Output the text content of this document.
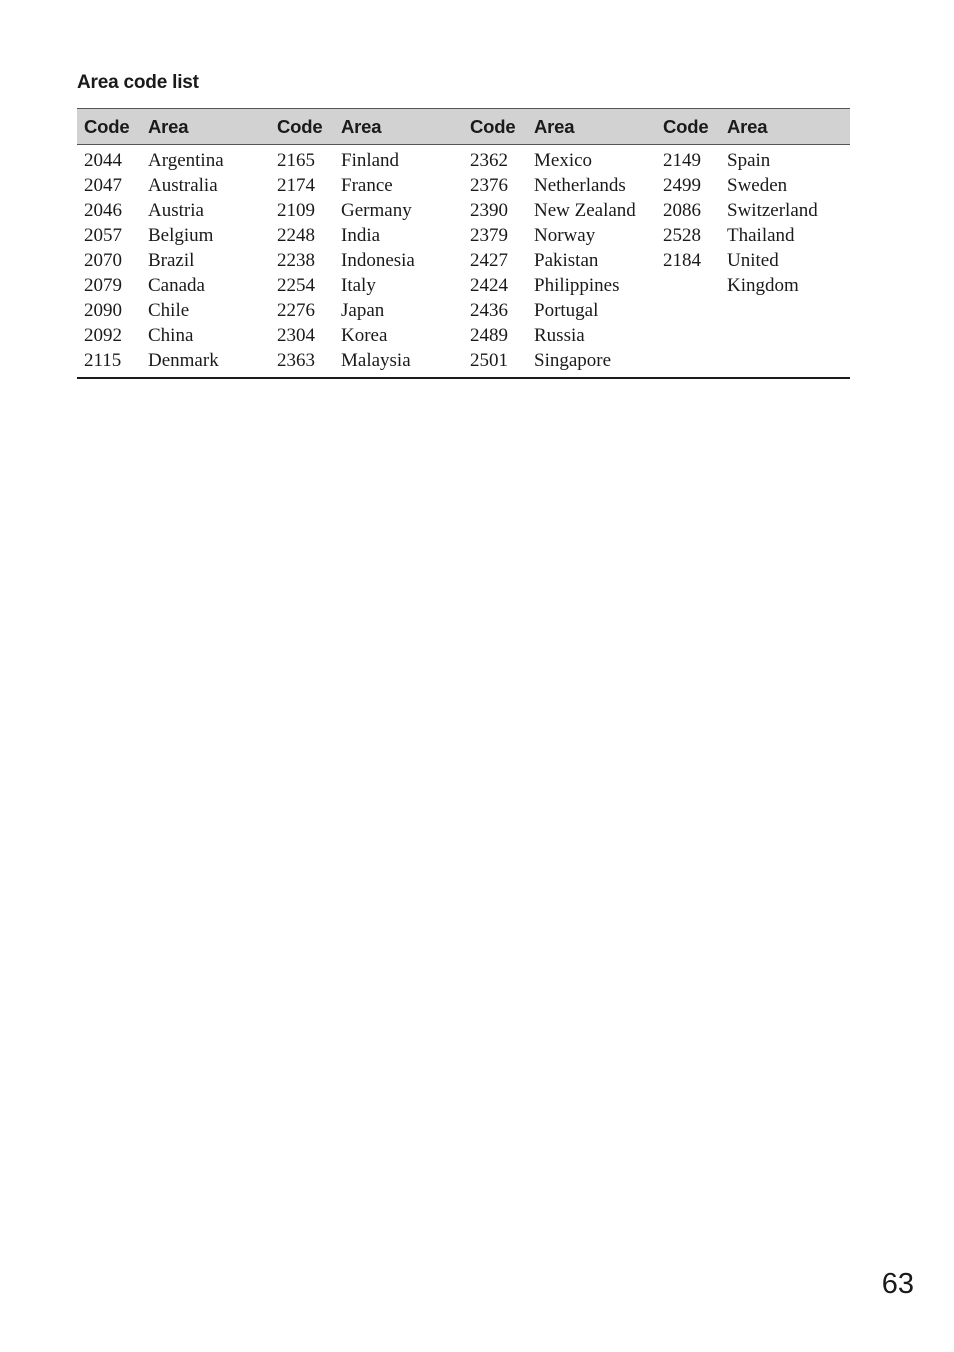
Area code list
Code	Area	Code	Area	Code	Area	Code	Area
2044	Argentina	2165	Finland	2362	Mexico	2149	Spain
2047	Australia	2174	France	2376	Netherlands	2499	Sweden
2046	Austria	2109	Germany	2390	New Zealand	2086	Switzerland
2057	Belgium	2248	India	2379	Norway	2528	Thailand
2070	Brazil	2238	Indonesia	2427	Pakistan	2184	United
2079	Canada	2254	Italy	2424	Philippines		Kingdom
2090	Chile	2276	Japan	2436	Portugal		
2092	China	2304	Korea	2489	Russia		
2115	Denmark	2363	Malaysia	2501	Singapore		
63
